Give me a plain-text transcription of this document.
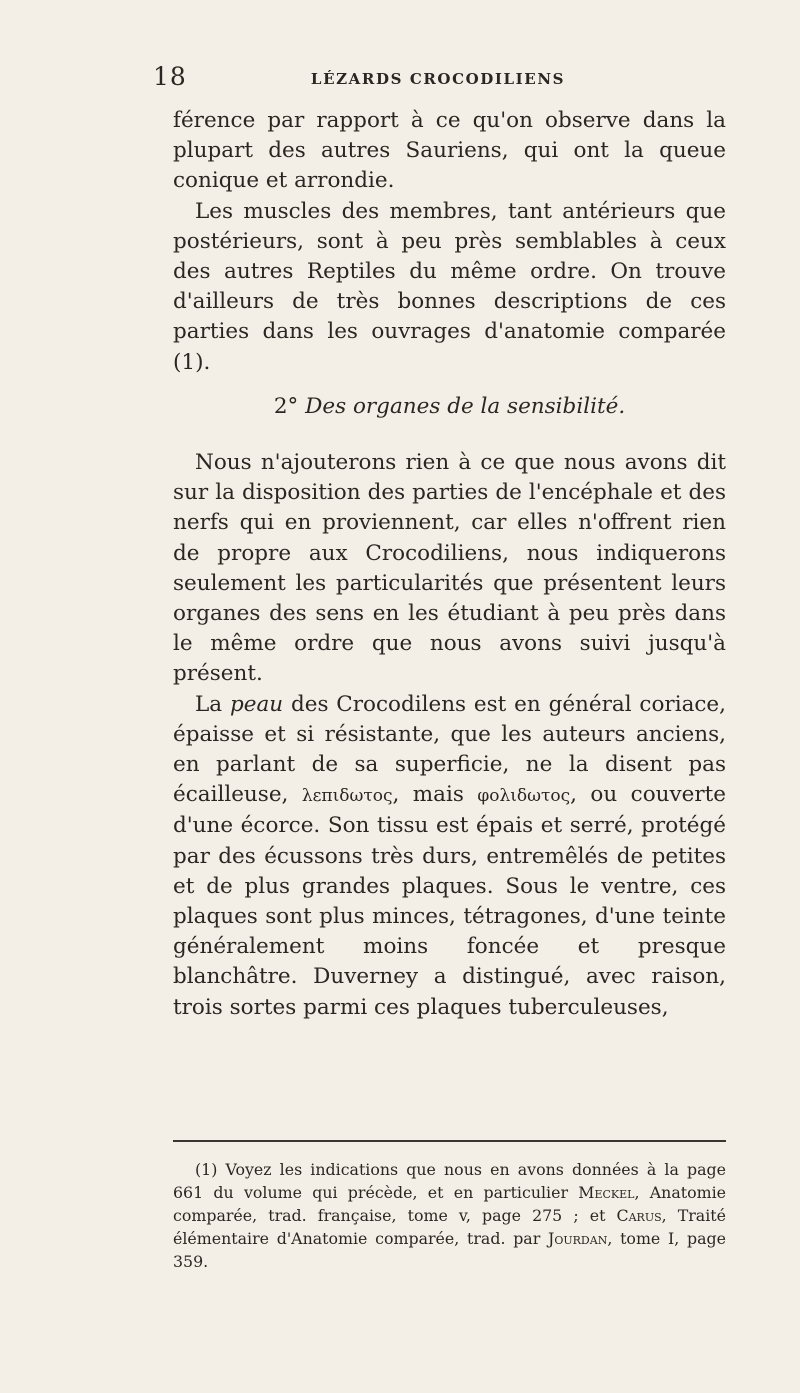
18	LÉZARDS CROCODILIENS

férence par rapport à ce qu'on observe dans la plupart des autres Sauriens, qui ont la queue conique et arrondie.

Les muscles des membres, tant antérieurs que postérieurs, sont à peu près semblables à ceux des autres Reptiles du même ordre. On trouve d'ailleurs de très bonnes descriptions de ces parties dans les ouvrages d'anatomie comparée (1).

2° Des organes de la sensibilité.

Nous n'ajouterons rien à ce que nous avons dit sur la disposition des parties de l'encéphale et des nerfs qui en proviennent, car elles n'offrent rien de propre aux Crocodiliens, nous indiquerons seulement les particularités que présentent leurs organes des sens en les étudiant à peu près dans le même ordre que nous avons suivi jusqu'à présent.

La peau des Crocodilens est en général coriace, épaisse et si résistante, que les auteurs anciens, en parlant de sa superficie, ne la disent pas écailleuse, λεπιδωτος, mais φολιδωτος, ou couverte d'une écorce. Son tissu est épais et serré, protégé par des écussons très durs, entremêlés de petites et de plus grandes plaques. Sous le ventre, ces plaques sont plus minces, tétragones, d'une teinte généralement moins foncée et presque blanchâtre. Duverney a distingué, avec raison, trois sortes parmi ces plaques tuberculeuses,

(1) Voyez les indications que nous en avons données à la page 661 du volume qui précède, et en particulier Meckel, Anatomie comparée, trad. française, tome v, page 275 ; et Carus, Traité élémentaire d'Anatomie comparée, trad. par Jourdan, tome I, page 359.
